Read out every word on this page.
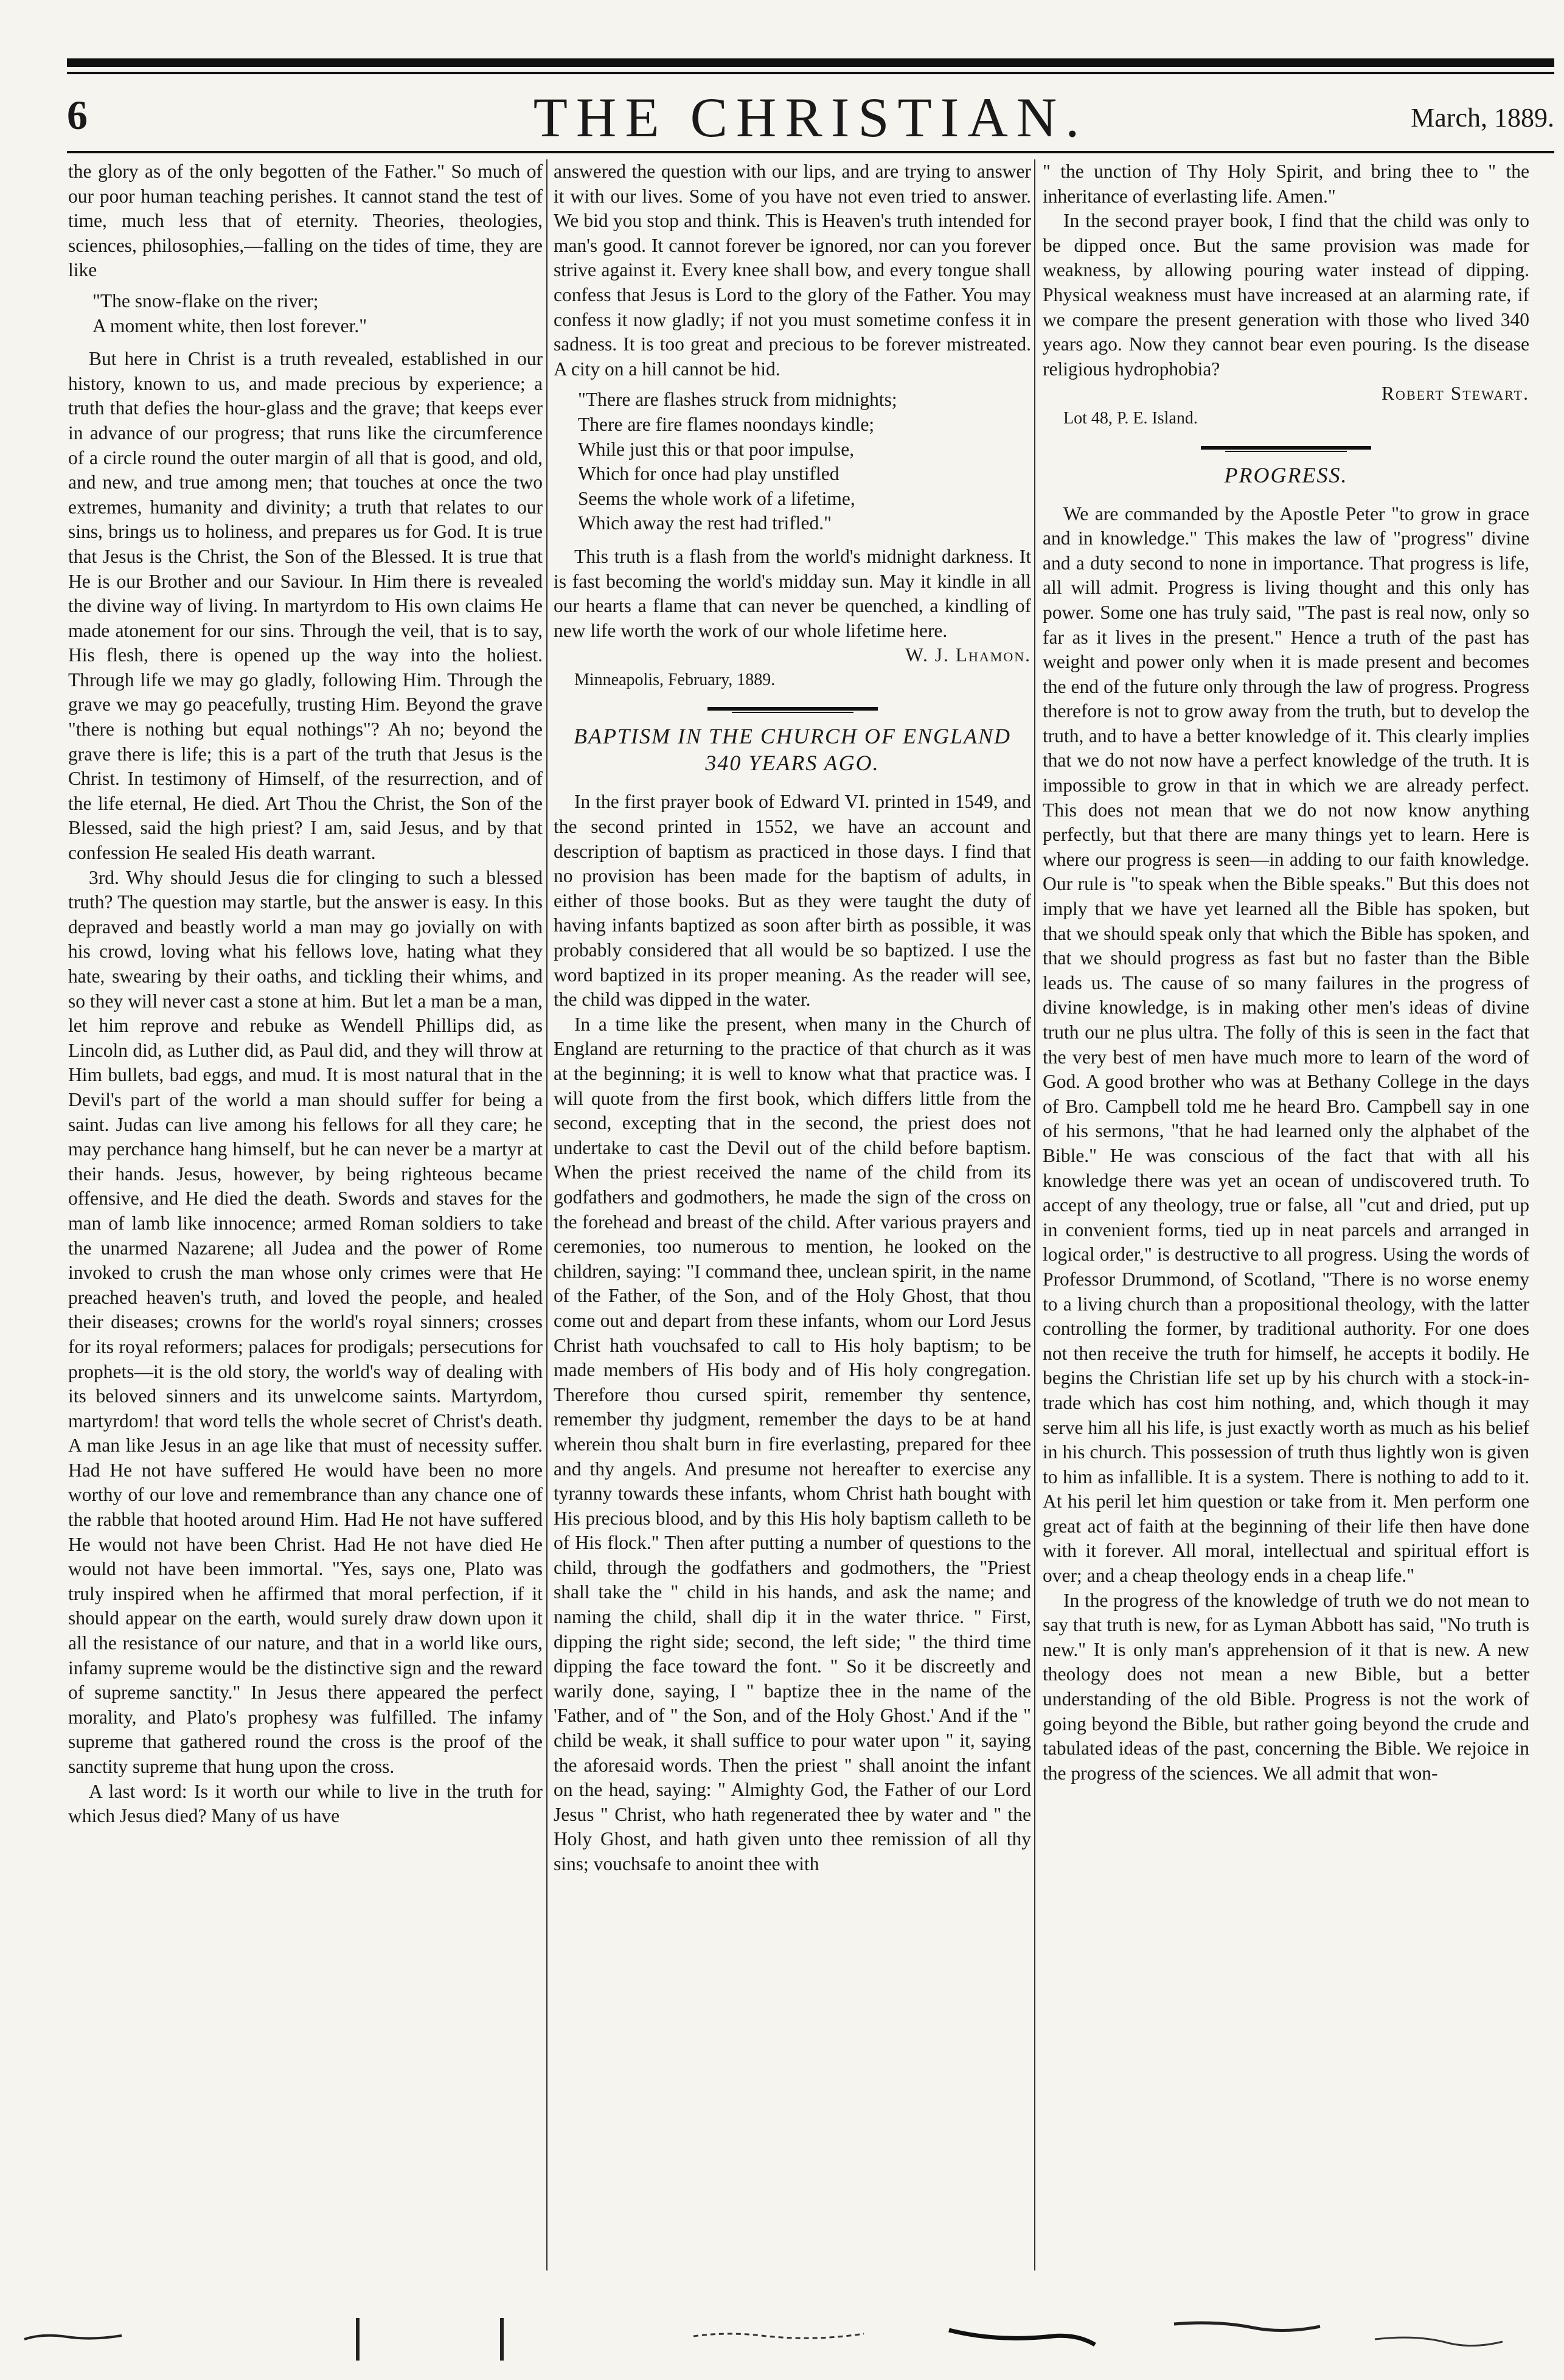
6	THE CHRISTIAN.	March, 1889.

the glory as of the only begotten of the Father." So much of our poor human teaching perishes. It cannot stand the test of time, much less that of eternity. Theories, theologies, sciences, philosophies,—falling on the tides of time, they are like

"The snow-flake on the river;
A moment white, then lost forever."

But here in Christ is a truth revealed, established in our history, known to us, and made precious by experience; a truth that defies the hour-glass and the grave; that keeps ever in advance of our progress; that runs like the circumference of a circle round the outer margin of all that is good, and old, and new, and true among men; that touches at once the two extremes, humanity and divinity; a truth that relates to our sins, brings us to holiness, and prepares us for God. It is true that Jesus is the Christ, the Son of the Blessed. It is true that He is our Brother and our Saviour. In Him there is revealed the divine way of living. In martyrdom to His own claims He made atonement for our sins. Through the veil, that is to say, His flesh, there is opened up the way into the holiest. Through life we may go gladly, following Him. Through the grave we may go peacefully, trusting Him. Beyond the grave "there is nothing but equal nothings"? Ah no; beyond the grave there is life; this is a part of the truth that Jesus is the Christ. In testimony of Himself, of the resurrection, and of the life eternal, He died. Art Thou the Christ, the Son of the Blessed, said the high priest? I am, said Jesus, and by that confession He sealed His death warrant.

3rd. Why should Jesus die for clinging to such a blessed truth? The question may startle, but the answer is easy. In this depraved and beastly world a man may go jovially on with his crowd, loving what his fellows love, hating what they hate, swearing by their oaths, and tickling their whims, and so they will never cast a stone at him. But let a man be a man, let him reprove and rebuke as Wendell Phillips did, as Lincoln did, as Luther did, as Paul did, and they will throw at Him bullets, bad eggs, and mud. It is most natural that in the Devil's part of the world a man should suffer for being a saint. Judas can live among his fellows for all they care; he may perchance hang himself, but he can never be a martyr at their hands. Jesus, however, by being righteous became offensive, and He died the death. Swords and staves for the man of lamb like innocence; armed Roman soldiers to take the unarmed Nazarene; all Judea and the power of Rome invoked to crush the man whose only crimes were that He preached heaven's truth, and loved the people, and healed their diseases; crowns for the world's royal sinners; crosses for its royal reformers; palaces for prodigals; persecutions for prophets—it is the old story, the world's way of dealing with its beloved sinners and its unwelcome saints. Martyrdom, martyrdom! that word tells the whole secret of Christ's death. A man like Jesus in an age like that must of necessity suffer. Had He not have suffered He would have been no more worthy of our love and remembrance than any chance one of the rabble that hooted around Him. Had He not have suffered He would not have been Christ. Had He not have died He would not have been immortal. "Yes, says one, Plato was truly inspired when he affirmed that moral perfection, if it should appear on the earth, would surely draw down upon it all the resistance of our nature, and that in a world like ours, infamy supreme would be the distinctive sign and the reward of supreme sanctity." In Jesus there appeared the perfect morality, and Plato's prophesy was fulfilled. The infamy supreme that gathered round the cross is the proof of the sanctity supreme that hung upon the cross.

A last word: Is it worth our while to live in the truth for which Jesus died? Many of us have

answered the question with our lips, and are trying to answer it with our lives. Some of you have not even tried to answer. We bid you stop and think. This is Heaven's truth intended for man's good. It cannot forever be ignored, nor can you forever strive against it. Every knee shall bow, and every tongue shall confess that Jesus is Lord to the glory of the Father. You may confess it now gladly; if not you must sometime confess it in sadness. It is too great and precious to be forever mistreated. A city on a hill cannot be hid.

"There are flashes struck from midnights;
There are fire flames noondays kindle;
While just this or that poor impulse,
Which for once had play unstifled
Seems the whole work of a lifetime,
Which away the rest had trifled."

This truth is a flash from the world's midnight darkness. It is fast becoming the world's midday sun. May it kindle in all our hearts a flame that can never be quenched, a kindling of new life worth the work of our whole lifetime here.

W. J. Lhamon.

Minneapolis, February, 1889.

BAPTISM IN THE CHURCH OF ENGLAND 340 YEARS AGO.

In the first prayer book of Edward VI. printed in 1549, and the second printed in 1552, we have an account and description of baptism as practiced in those days. I find that no provision has been made for the baptism of adults, in either of those books. But as they were taught the duty of having infants baptized as soon after birth as possible, it was probably considered that all would be so baptized. I use the word baptized in its proper meaning. As the reader will see, the child was dipped in the water.

In a time like the present, when many in the Church of England are returning to the practice of that church as it was at the beginning; it is well to know what that practice was. I will quote from the first book, which differs little from the second, excepting that in the second, the priest does not undertake to cast the Devil out of the child before baptism. When the priest received the name of the child from its godfathers and godmothers, he made the sign of the cross on the forehead and breast of the child. After various prayers and ceremonies, too numerous to mention, he looked on the children, saying: "I command thee, unclean spirit, in the name of the Father, of the Son, and of the Holy Ghost, that thou come out and depart from these infants, whom our Lord Jesus Christ hath vouchsafed to call to His holy baptism; to be made members of His body and of His holy congregation. Therefore thou cursed spirit, remember thy sentence, remember thy judgment, remember the days to be at hand wherein thou shalt burn in fire everlasting, prepared for thee and thy angels. And presume not hereafter to exercise any tyranny towards these infants, whom Christ hath bought with His precious blood, and by this His holy baptism calleth to be of His flock." Then after putting a number of questions to the child, through the godfathers and godmothers, the "Priest shall take the " child in his hands, and ask the name; and naming the child, shall dip it in the water thrice. " First, dipping the right side; second, the left side; " the third time dipping the face toward the font. " So it be discreetly and warily done, saying, I " baptize thee in the name of the 'Father, and of " the Son, and of the Holy Ghost.' And if the " child be weak, it shall suffice to pour water upon " it, saying the aforesaid words. Then the priest " shall anoint the infant on the head, saying: " Almighty God, the Father of our Lord Jesus " Christ, who hath regenerated thee by water and " the Holy Ghost, and hath given unto thee remission of all thy sins; vouchsafe to anoint thee with

" the unction of Thy Holy Spirit, and bring thee to " the inheritance of everlasting life. Amen."

In the second prayer book, I find that the child was only to be dipped once. But the same provision was made for weakness, by allowing pouring water instead of dipping. Physical weakness must have increased at an alarming rate, if we compare the present generation with those who lived 340 years ago. Now they cannot bear even pouring. Is the disease religious hydrophobia?

Robert Stewart.

Lot 48, P. E. Island.

PROGRESS.

We are commanded by the Apostle Peter "to grow in grace and in knowledge." This makes the law of "progress" divine and a duty second to none in importance. That progress is life, all will admit. Progress is living thought and this only has power. Some one has truly said, "The past is real now, only so far as it lives in the present." Hence a truth of the past has weight and power only when it is made present and becomes the end of the future only through the law of progress. Progress therefore is not to grow away from the truth, but to develop the truth, and to have a better knowledge of it. This clearly implies that we do not now have a perfect knowledge of the truth. It is impossible to grow in that in which we are already perfect. This does not mean that we do not now know anything perfectly, but that there are many things yet to learn. Here is where our progress is seen—in adding to our faith knowledge. Our rule is "to speak when the Bible speaks." But this does not imply that we have yet learned all the Bible has spoken, but that we should speak only that which the Bible has spoken, and that we should progress as fast but no faster than the Bible leads us. The cause of so many failures in the progress of divine knowledge, is in making other men's ideas of divine truth our ne plus ultra. The folly of this is seen in the fact that the very best of men have much more to learn of the word of God. A good brother who was at Bethany College in the days of Bro. Campbell told me he heard Bro. Campbell say in one of his sermons, "that he had learned only the alphabet of the Bible." He was conscious of the fact that with all his knowledge there was yet an ocean of undiscovered truth. To accept of any theology, true or false, all "cut and dried, put up in convenient forms, tied up in neat parcels and arranged in logical order," is destructive to all progress. Using the words of Professor Drummond, of Scotland, "There is no worse enemy to a living church than a propositional theology, with the latter controlling the former, by traditional authority. For one does not then receive the truth for himself, he accepts it bodily. He begins the Christian life set up by his church with a stock-in-trade which has cost him nothing, and, which though it may serve him all his life, is just exactly worth as much as his belief in his church. This possession of truth thus lightly won is given to him as infallible. It is a system. There is nothing to add to it. At his peril let him question or take from it. Men perform one great act of faith at the beginning of their life then have done with it forever. All moral, intellectual and spiritual effort is over; and a cheap theology ends in a cheap life."

In the progress of the knowledge of truth we do not mean to say that truth is new, for as Lyman Abbott has said, "No truth is new." It is only man's apprehension of it that is new. A new theology does not mean a new Bible, but a better understanding of the old Bible. Progress is not the work of going beyond the Bible, but rather going beyond the crude and tabulated ideas of the past, concerning the Bible. We rejoice in the progress of the sciences. We all admit that won-
